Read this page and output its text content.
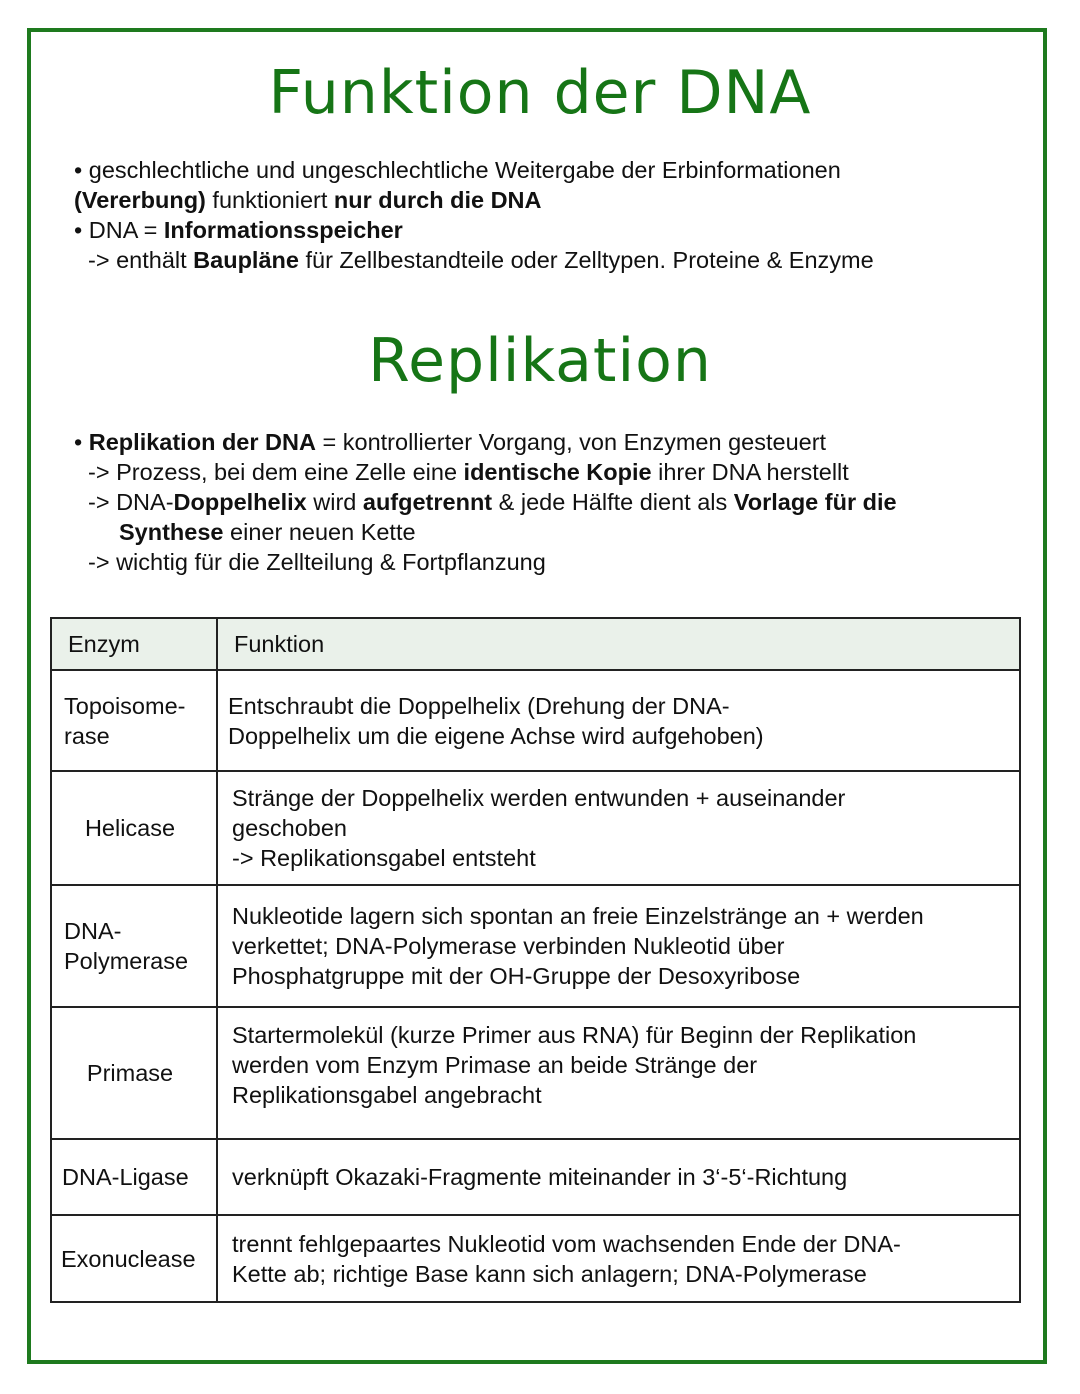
Funktion der DNA
• geschlechtliche und ungeschlechtliche Weitergabe der Erbinformationen
(Vererbung) funktioniert nur durch die DNA
• DNA = Informationsspeicher
-> enthält Baupläne für Zellbestandteile oder Zelltypen. Proteine & Enzyme
Replikation
• Replikation der DNA = kontrollierter Vorgang, von Enzymen gesteuert
-> Prozess, bei dem eine Zelle eine identische Kopie ihrer DNA herstellt
-> DNA-Doppelhelix wird aufgetrennt & jede Hälfte dient als Vorlage für die
Synthese einer neuen Kette
-> wichtig für die Zellteilung & Fortpflanzung
Enzym	Funktion

Topoisome-
rase	Entschraubt die Doppelhelix (Drehung der DNA-
Doppelhelix um die eigene Achse wird aufgehoben)

Helicase	Stränge der Doppelhelix werden entwunden + auseinander
geschoben
-> Replikationsgabel entsteht

DNA-
Polymerase	Nukleotide lagern sich spontan an freie Einzelstränge an + werden
verkettet; DNA-Polymerase verbinden Nukleotid über
Phosphatgruppe mit der OH-Gruppe der Desoxyribose

Primase	Startermolekül (kurze Primer aus RNA) für Beginn der Replikation
werden vom Enzym Primase an beide Stränge der
Replikationsgabel angebracht

DNA-Ligase	verknüpft Okazaki-Fragmente miteinander in 3‘-5‘-Richtung

Exonuclease	trennt fehlgepaartes Nukleotid vom wachsenden Ende der DNA-
Kette ab; richtige Base kann sich anlagern; DNA-Polymerase
